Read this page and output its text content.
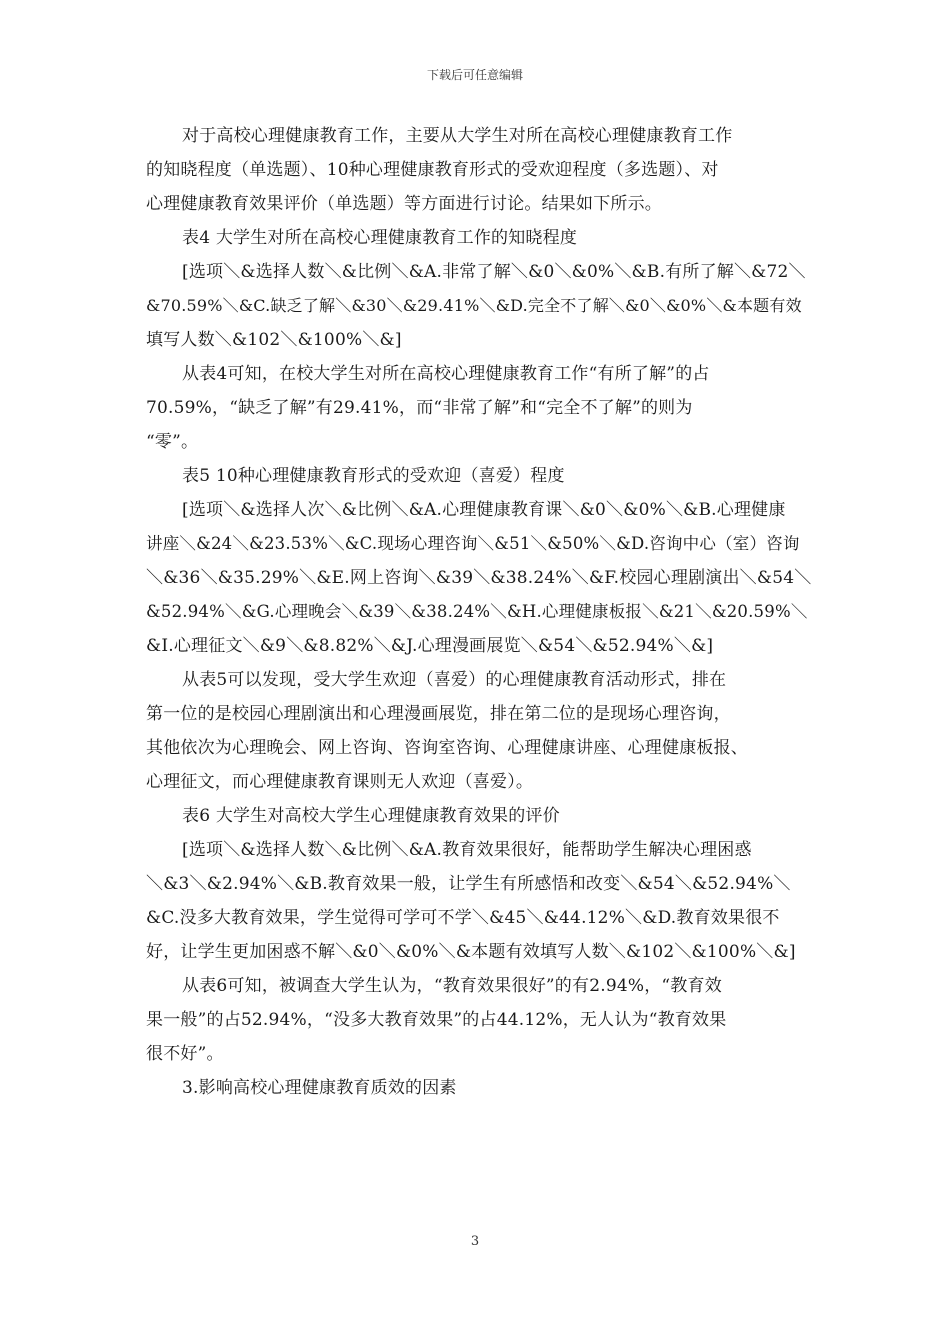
下载后可任意编辑
对于高校心理健康教育工作，主要从大学生对所在高校心理健康教育工作
的知晓程度（单选题）、10种心理健康教育形式的受欢迎程度（多选题）、对
心理健康教育效果评价（单选题）等方面进行讨论。结果如下所示。
表4 大学生对所在高校心理健康教育工作的知晓程度
[选项＼&选择人数＼&比例＼&A.非常了解＼&0＼&0%＼&B.有所了解＼&72＼
&70.59%＼&C.缺乏了解＼&30＼&29.41%＼&D.完全不了解＼&0＼&0%＼&本题有效
填写人数＼&102＼&100%＼&]
从表4可知，在校大学生对所在高校心理健康教育工作“有所了解”的占
70.59%，“缺乏了解”有29.41%，而“非常了解”和“完全不了解”的则为
“零”。
表5 10种心理健康教育形式的受欢迎（喜爱）程度
[选项＼&选择人次＼&比例＼&A.心理健康教育课＼&0＼&0%＼&B.心理健康
讲座＼&24＼&23.53%＼&C.现场心理咨询＼&51＼&50%＼&D.咨询中心（室）咨询
＼&36＼&35.29%＼&E.网上咨询＼&39＼&38.24%＼&F.校园心理剧演出＼&54＼
&52.94%＼&G.心理晚会＼&39＼&38.24%＼&H.心理健康板报＼&21＼&20.59%＼
&I.心理征文＼&9＼&8.82%＼&J.心理漫画展览＼&54＼&52.94%＼&]
从表5可以发现，受大学生欢迎（喜爱）的心理健康教育活动形式，排在
第一位的是校园心理剧演出和心理漫画展览，排在第二位的是现场心理咨询，
其他依次为心理晚会、网上咨询、咨询室咨询、心理健康讲座、心理健康板报、
心理征文，而心理健康教育课则无人欢迎（喜爱）。
表6 大学生对高校大学生心理健康教育效果的评价
[选项＼&选择人数＼&比例＼&A.教育效果很好，能帮助学生解决心理困惑
＼&3＼&2.94%＼&B.教育效果一般，让学生有所感悟和改变＼&54＼&52.94%＼
&C.没多大教育效果，学生觉得可学可不学＼&45＼&44.12%＼&D.教育效果很不
好，让学生更加困惑不解＼&0＼&0%＼&本题有效填写人数＼&102＼&100%＼&]
从表6可知，被调查大学生认为，“教育效果很好”的有2.94%，“教育效
果一般”的占52.94%，“没多大教育效果”的占44.12%，无人认为“教育效果
很不好”。
3.影响高校心理健康教育质效的因素
3
